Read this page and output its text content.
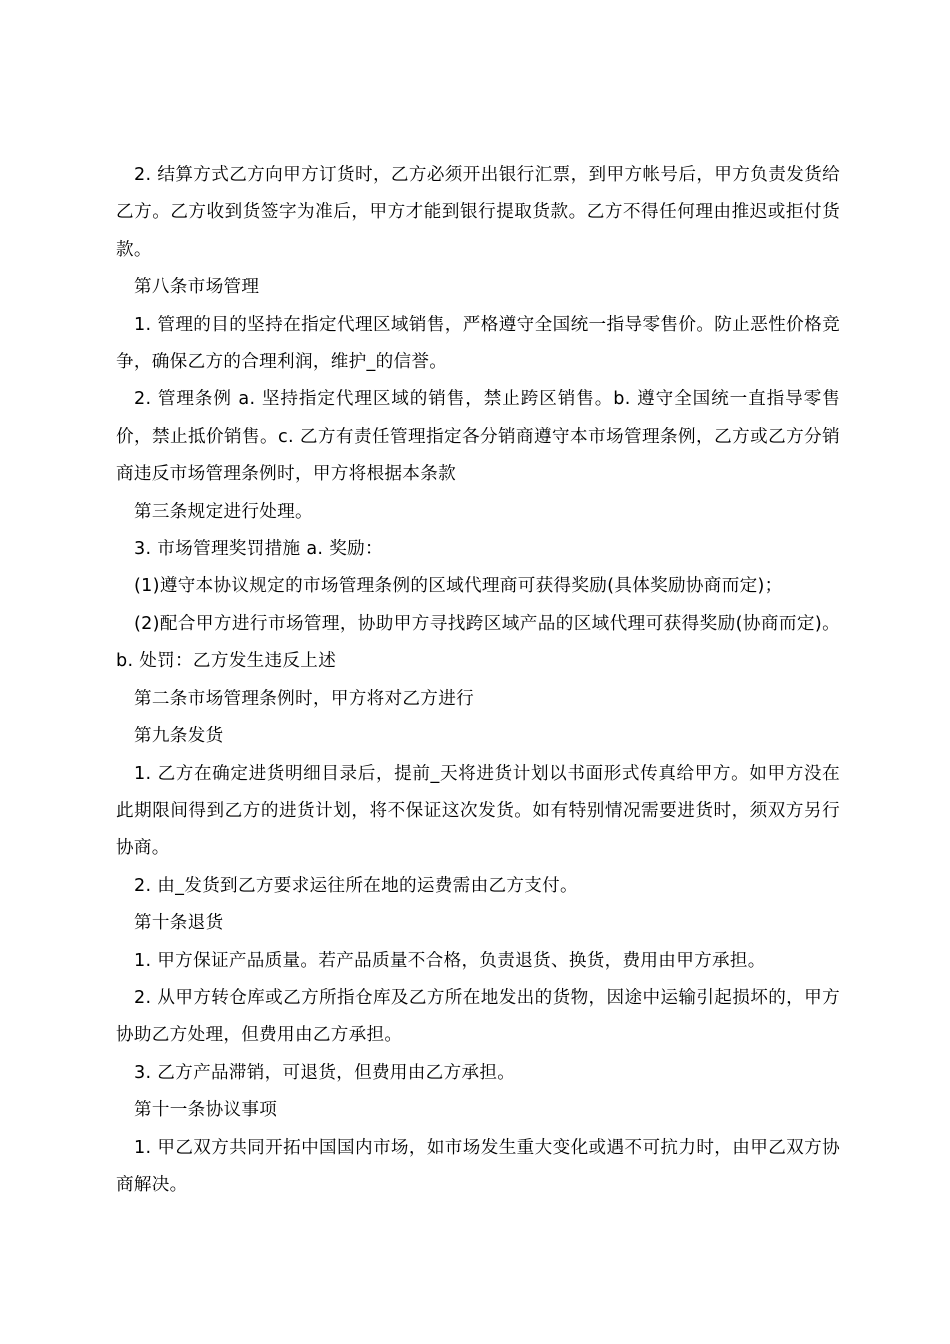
2. 结算方式乙方向甲方订货时，乙方必须开出银行汇票，到甲方帐号后，甲方负责发货给乙方。乙方收到货签字为准后，甲方才能到银行提取货款。乙方不得任何理由推迟或拒付货款。

第八条市场管理

1. 管理的目的坚持在指定代理区域销售，严格遵守全国统一指导零售价。防止恶性价格竞争，确保乙方的合理利润，维护_的信誉。

2. 管理条例 a. 坚持指定代理区域的销售，禁止跨区销售。b. 遵守全国统一直指导零售价，禁止抵价销售。c. 乙方有责任管理指定各分销商遵守本市场管理条例，乙方或乙方分销商违反市场管理条例时，甲方将根据本条款

第三条规定进行处理。

3. 市场管理奖罚措施 a. 奖励：

(1)遵守本协议规定的市场管理条例的区域代理商可获得奖励(具体奖励协商而定)；

(2)配合甲方进行市场管理，协助甲方寻找跨区域产品的区域代理可获得奖励(协商而定)。b. 处罚：乙方发生违反上述

第二条市场管理条例时，甲方将对乙方进行

第九条发货

1. 乙方在确定进货明细目录后，提前_天将进货计划以书面形式传真给甲方。如甲方没在此期限间得到乙方的进货计划，将不保证这次发货。如有特别情况需要进货时，须双方另行协商。

2. 由_发货到乙方要求运往所在地的运费需由乙方支付。

第十条退货

1. 甲方保证产品质量。若产品质量不合格，负责退货、换货，费用由甲方承担。

2. 从甲方转仓库或乙方所指仓库及乙方所在地发出的货物，因途中运输引起损坏的，甲方协助乙方处理，但费用由乙方承担。

3. 乙方产品滞销，可退货，但费用由乙方承担。

第十一条协议事项

1. 甲乙双方共同开拓中国国内市场，如市场发生重大变化或遇不可抗力时，由甲乙双方协商解决。
